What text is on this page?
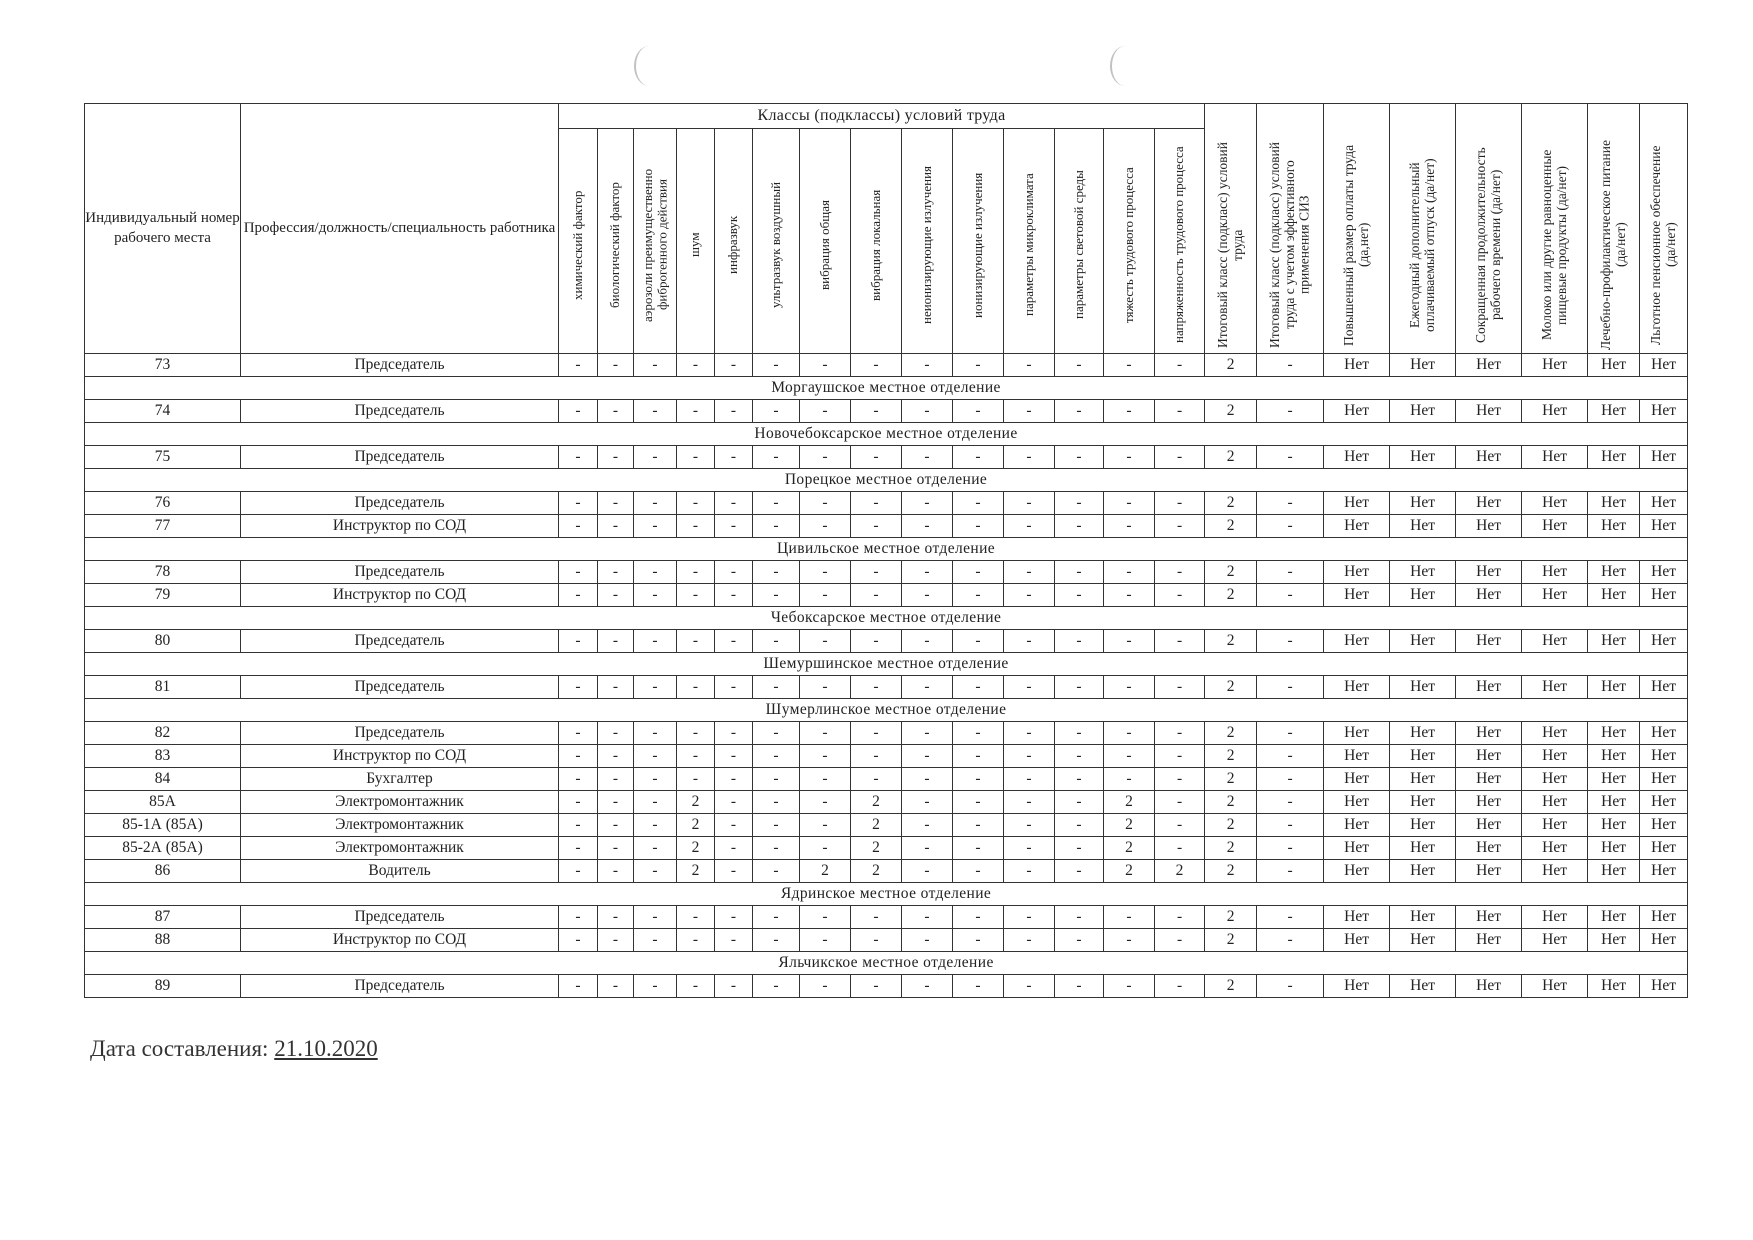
Индивидуальный номер рабочего места	Профессия/должность/специальность работника	Классы (подклассы) условий труда														Итоговый класс (подкласс) условий труда	Итоговый класс (подкласс) условий труда с учетом эффективного применения СИЗ	Повышенный размер оплаты труда (да,нет)	Ежегодный дополнительный оплачиваемый отпуск (да/нет)	Сокращенная продолжительность рабочего времени (да/нет)	Молоко или другие равноценные пищевые продукты (да/нет)	Лечебно-профилактическое питание (да/нет)	Льготное пенсионное обеспечение (да/нет)

		химический фактор	биологический фактор	аэрозоли преимущественно фиброгенного действия	шум	инфразвук	ультразвук воздушный	вибрация общая	вибрация локальная	неионизирующие излучения	ионизирующие излучения	параметры микроклимата	параметры световой среды	тяжесть трудового процесса	напряженность трудового процесса								

73	Председатель	-	-	-	-	-	-	-	-	-	-	-	-	-	-	2	-	Нет	Нет	Нет	Нет	Нет	Нет
Моргаушское местное отделение																							
74	Председатель	-	-	-	-	-	-	-	-	-	-	-	-	-	-	2	-	Нет	Нет	Нет	Нет	Нет	Нет
Новочебоксарское местное отделение																							
75	Председатель	-	-	-	-	-	-	-	-	-	-	-	-	-	-	2	-	Нет	Нет	Нет	Нет	Нет	Нет
Порецкое местное отделение																							
76	Председатель	-	-	-	-	-	-	-	-	-	-	-	-	-	-	2	-	Нет	Нет	Нет	Нет	Нет	Нет
77	Инструктор по СОД	-	-	-	-	-	-	-	-	-	-	-	-	-	-	2	-	Нет	Нет	Нет	Нет	Нет	Нет
Цивильское местное отделение																							
78	Председатель	-	-	-	-	-	-	-	-	-	-	-	-	-	-	2	-	Нет	Нет	Нет	Нет	Нет	Нет
79	Инструктор по СОД	-	-	-	-	-	-	-	-	-	-	-	-	-	-	2	-	Нет	Нет	Нет	Нет	Нет	Нет
Чебоксарское местное отделение																							
80	Председатель	-	-	-	-	-	-	-	-	-	-	-	-	-	-	2	-	Нет	Нет	Нет	Нет	Нет	Нет
Шемуршинское местное отделение																							
81	Председатель	-	-	-	-	-	-	-	-	-	-	-	-	-	-	2	-	Нет	Нет	Нет	Нет	Нет	Нет
Шумерлинское местное отделение																							
82	Председатель	-	-	-	-	-	-	-	-	-	-	-	-	-	-	2	-	Нет	Нет	Нет	Нет	Нет	Нет
83	Инструктор по СОД	-	-	-	-	-	-	-	-	-	-	-	-	-	-	2	-	Нет	Нет	Нет	Нет	Нет	Нет
84	Бухгалтер	-	-	-	-	-	-	-	-	-	-	-	-	-	-	2	-	Нет	Нет	Нет	Нет	Нет	Нет
85А	Электромонтажник	-	-	-	2	-	-	-	2	-	-	-	-	2	-	2	-	Нет	Нет	Нет	Нет	Нет	Нет
85-1А (85А)	Электромонтажник	-	-	-	2	-	-	-	2	-	-	-	-	2	-	2	-	Нет	Нет	Нет	Нет	Нет	Нет
85-2А (85А)	Электромонтажник	-	-	-	2	-	-	-	2	-	-	-	-	2	-	2	-	Нет	Нет	Нет	Нет	Нет	Нет
86	Водитель	-	-	-	2	-	-	2	2	-	-	-	-	2	2	2	-	Нет	Нет	Нет	Нет	Нет	Нет
Ядринское местное отделение																							
87	Председатель	-	-	-	-	-	-	-	-	-	-	-	-	-	-	2	-	Нет	Нет	Нет	Нет	Нет	Нет
88	Инструктор по СОД	-	-	-	-	-	-	-	-	-	-	-	-	-	-	2	-	Нет	Нет	Нет	Нет	Нет	Нет
Яльчикское местное отделение																							
89	Председатель	-	-	-	-	-	-	-	-	-	-	-	-	-	-	2	-	Нет	Нет	Нет	Нет	Нет	Нет
Дата составления: 21.10.2020
